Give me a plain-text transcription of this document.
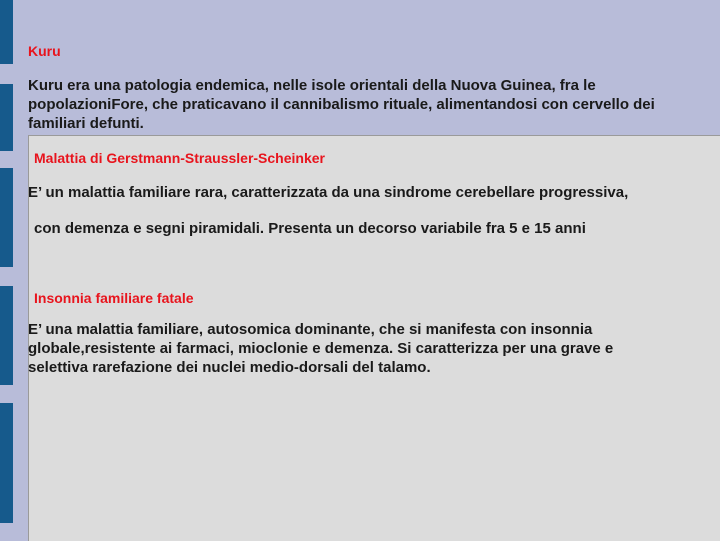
Kuru

Kuru era una patologia endemica, nelle isole orientali della Nuova Guinea, fra le popolazioniFore, che praticavano il cannibalismo rituale, alimentandosi con cervello dei familiari defunti.

Malattia di Gerstmann-Straussler-Scheinker

E’ un malattia familiare rara, caratterizzata da una sindrome cerebellare progressiva,

con demenza e segni piramidali. Presenta un decorso variabile fra 5 e 15 anni

Insonnia familiare fatale

E’ una malattia familiare, autosomica dominante, che si manifesta con insonnia globale,resistente ai farmaci, mioclonie e demenza. Si caratterizza per una grave e selettiva rarefazione dei nuclei medio-dorsali del talamo.
